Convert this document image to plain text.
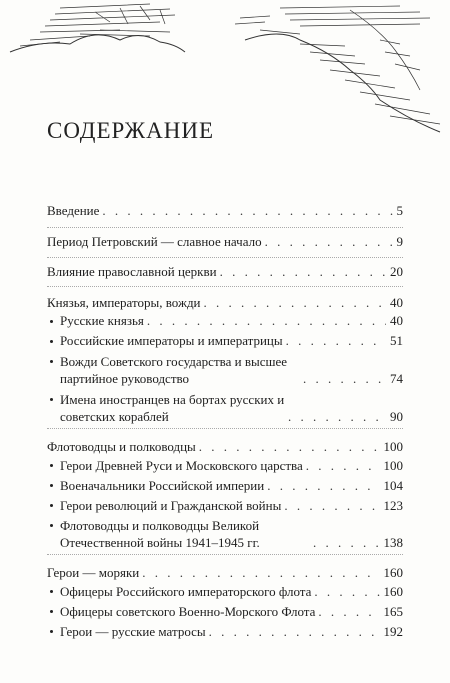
СОДЕРЖАНИЕ
Введение . . .	5
Период Петровский — славное начало . . .	9
Влияние православной церкви . . .	20
Князья, императоры, вожди . . .	40
Русские князья . . .	40
Российские императоры и императрицы . . .	51
Вожди Советского государства и высшее партийное руководство . . .	74
Имена иностранцев на бортах русских и советских кораблей . . .	90
Флотоводцы и полководцы . . .	100
Герои Древней Руси и Московского царства . . .	100
Военачальники Российской империи . . .	104
Герои революций и Гражданской войны . . .	123
Флотоводцы и полководцы Великой Отечественной войны 1941–1945 гг. . . .	138
Герои — моряки . . .	160
Офицеры Российского императорского флота . . .	160
Офицеры советского Военно-Морского Флота . . .	165
Герои — русские матросы . . .	192
